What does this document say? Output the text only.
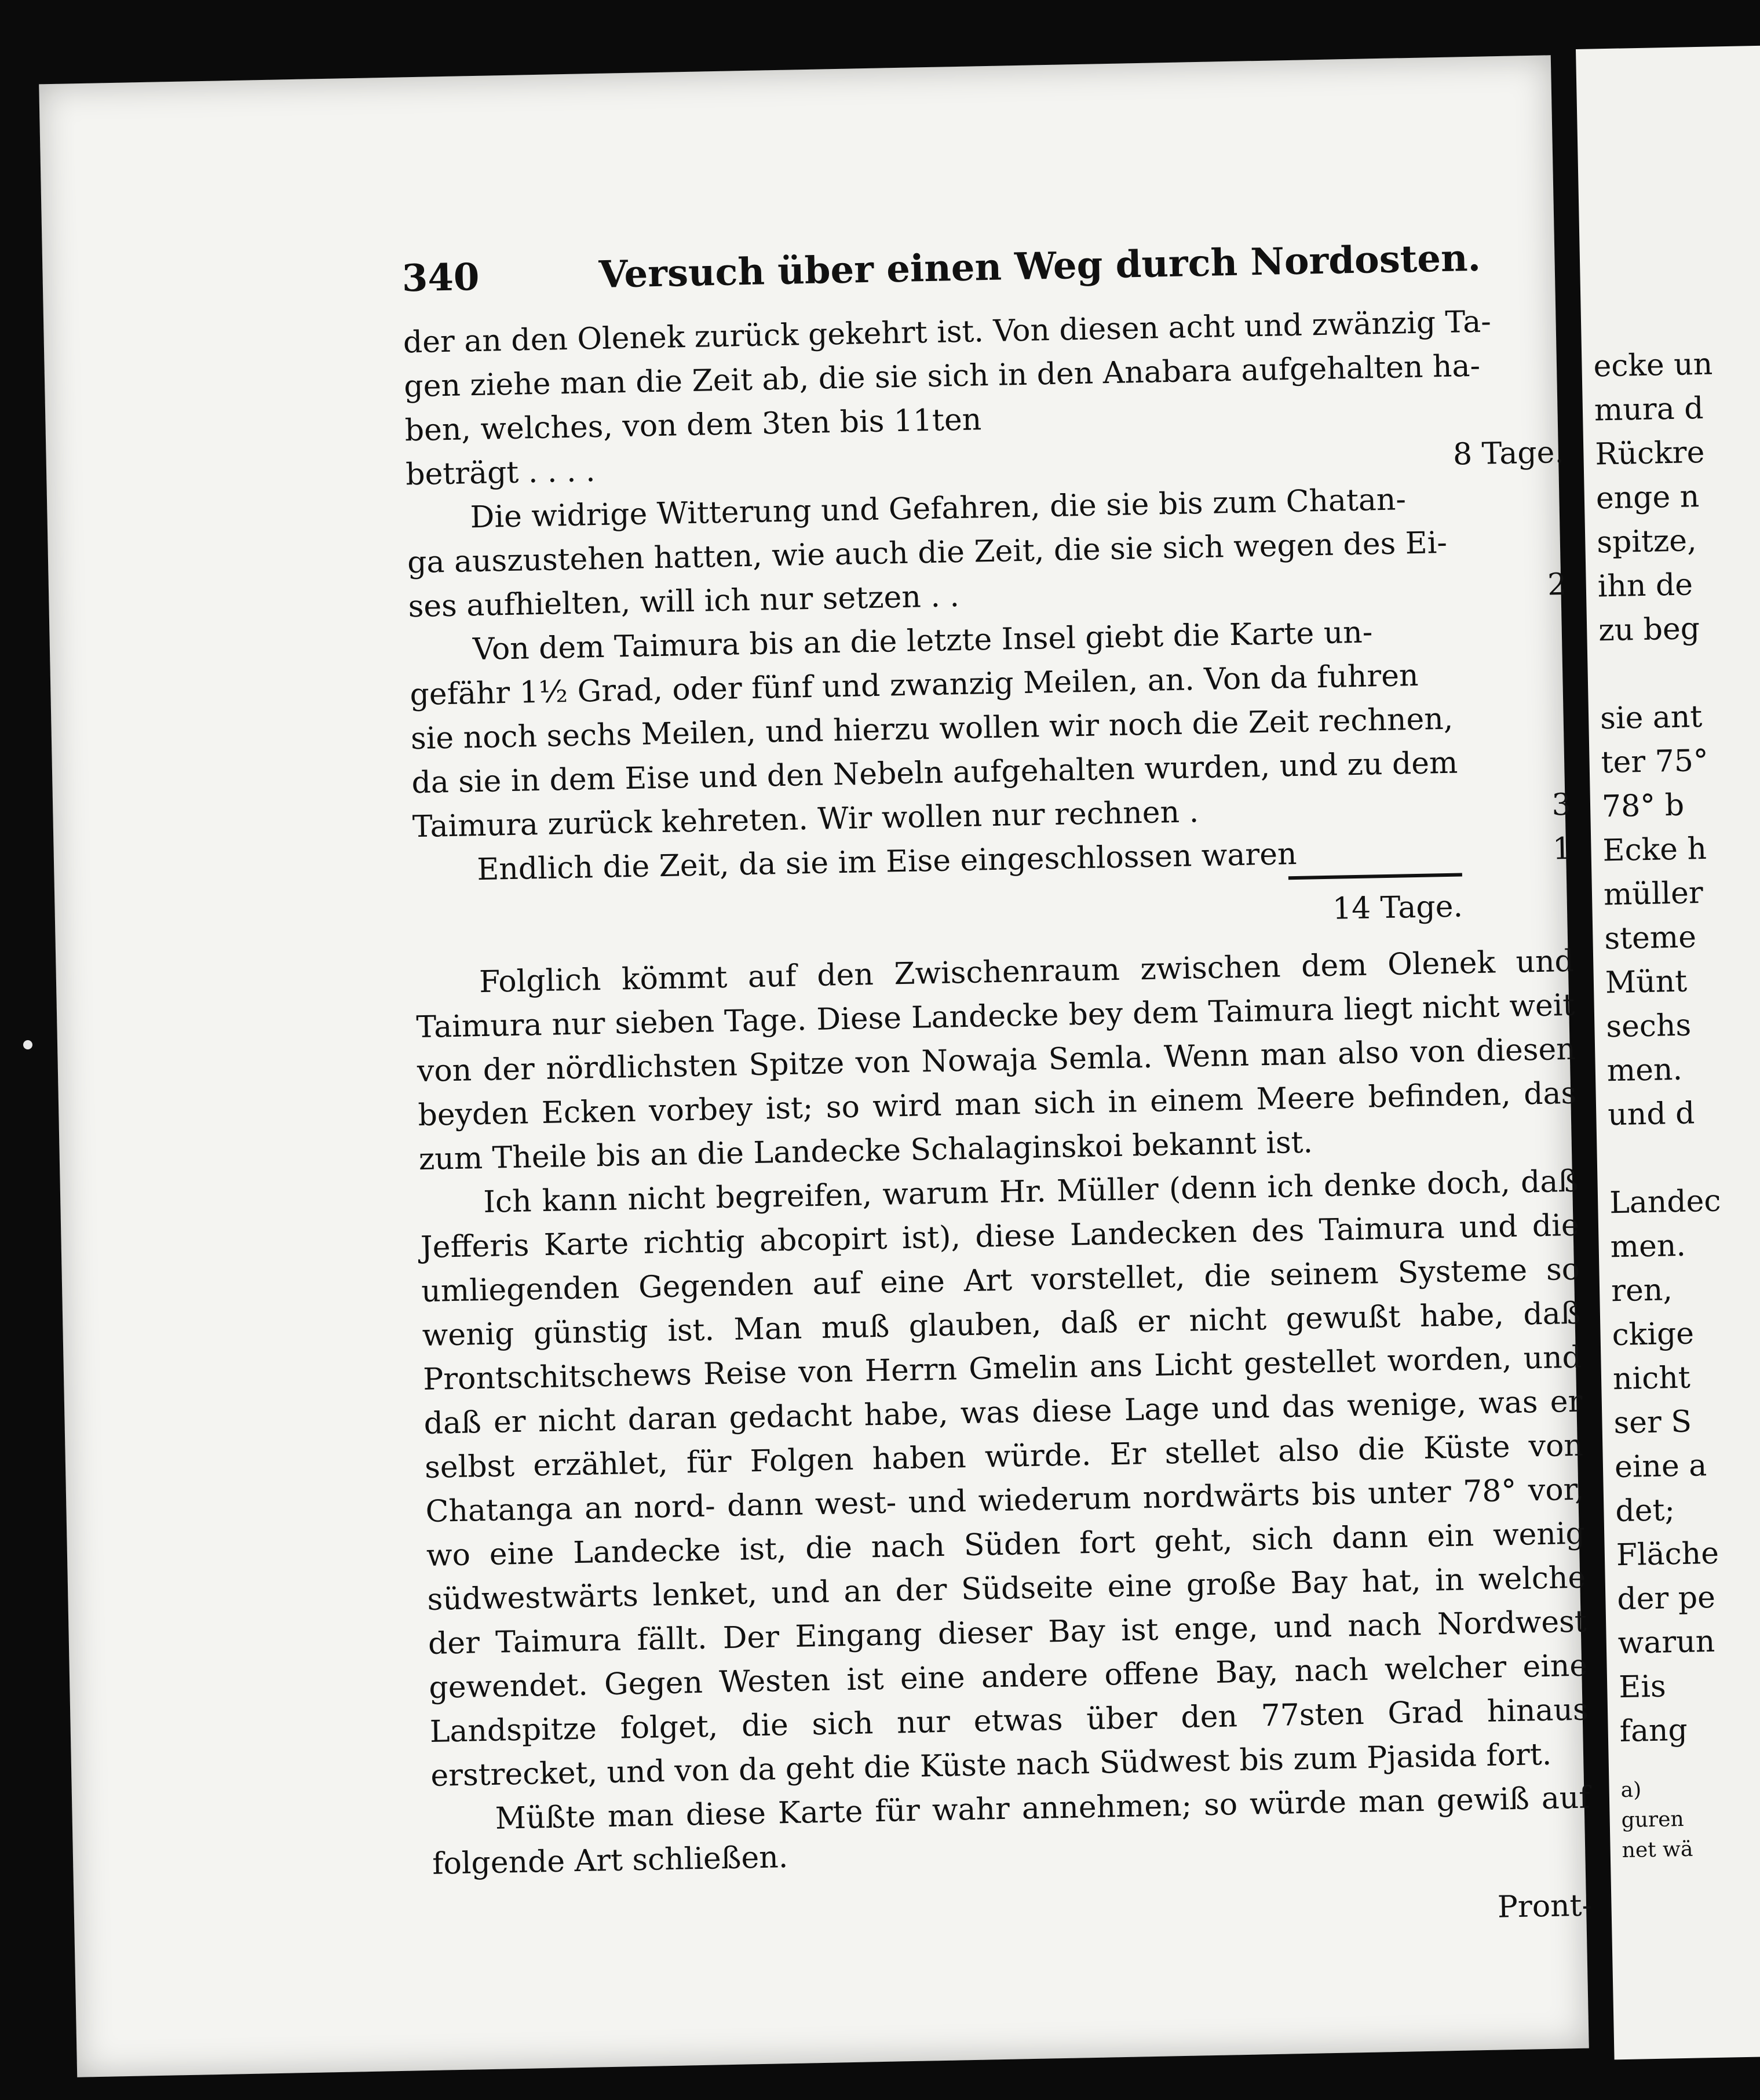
340	Versuch über einen Weg durch Nordosten.
der an den Olenek zurück gekehrt ist. Von diesen acht und zwänzig Ta-
gen ziehe man die Zeit ab, die sie sich in den Anabara aufgehalten ha-
ben, welches, von dem 3ten bis 11ten
beträgt . . . .
8 Tage.
Die widrige Witterung und Gefahren, die sie bis zum Chatan-
ga auszustehen hatten, wie auch die Zeit, die sie sich wegen des Ei-
ses aufhielten, will ich nur setzen . .	2
Von dem Taimura bis an die letzte Insel giebt die Karte un-
gefähr 1½ Grad, oder fünf und zwanzig Meilen, an. Von da fuhren
sie noch sechs Meilen, und hierzu wollen wir noch die Zeit rechnen,
da sie in dem Eise und den Nebeln aufgehalten wurden, und zu dem
Taimura zurück kehreten. Wir wollen nur rechnen .	3
Endlich die Zeit, da sie im Eise eingeschlossen waren	1
14 Tage.

Folglich kömmt auf den Zwischenraum zwischen dem Olenek und Taimura nur sieben Tage. Diese Landecke bey dem Taimura liegt nicht weit von der nördlichsten Spitze von Nowaja Semla. Wenn man also von diesen beyden Ecken vorbey ist; so wird man sich in einem Meere befinden, das zum Theile bis an die Landecke Schalaginskoi bekannt ist.

Ich kann nicht begreifen, warum Hr. Müller (denn ich denke doch, daß Jefferis Karte richtig abcopirt ist), diese Landecken des Taimura und die umliegenden Gegenden auf eine Art vorstellet, die seinem Systeme so wenig günstig ist. Man muß glauben, daß er nicht gewußt habe, daß Prontschitschews Reise von Herrn Gmelin ans Licht gestellet worden, und daß er nicht daran gedacht habe, was diese Lage und das wenige, was er selbst erzählet, für Folgen haben würde. Er stellet also die Küste von Chatanga an nord- dann west- und wiederum nordwärts bis unter 78° vor, wo eine Landecke ist, die nach Süden fort geht, sich dann ein wenig südwestwärts lenket, und an der Südseite eine große Bay hat, in welche der Taimura fällt. Der Eingang dieser Bay ist enge, und nach Nordwest gewendet. Gegen Westen ist eine andere offene Bay, nach welcher eine Landspitze folget, die sich nur etwas über den 77sten Grad hinaus erstrecket, und von da geht die Küste nach Südwest bis zum Pjasida fort.

Müßte man diese Karte für wahr annehmen; so würde man gewiß auf folgende Art schließen.

Pront-
ecke un
mura d
Rückre
enge n
spitze,
ihn de
zu beg
sie ant
ter 75°
78° b
Ecke h
müller
steme
Münt
sechs
men.
und d
Landec
men.
ren,
ckige
nicht
ser S
eine a
det;
Fläche
der pe
warun
Eis
fang
a)
guren
net wä
